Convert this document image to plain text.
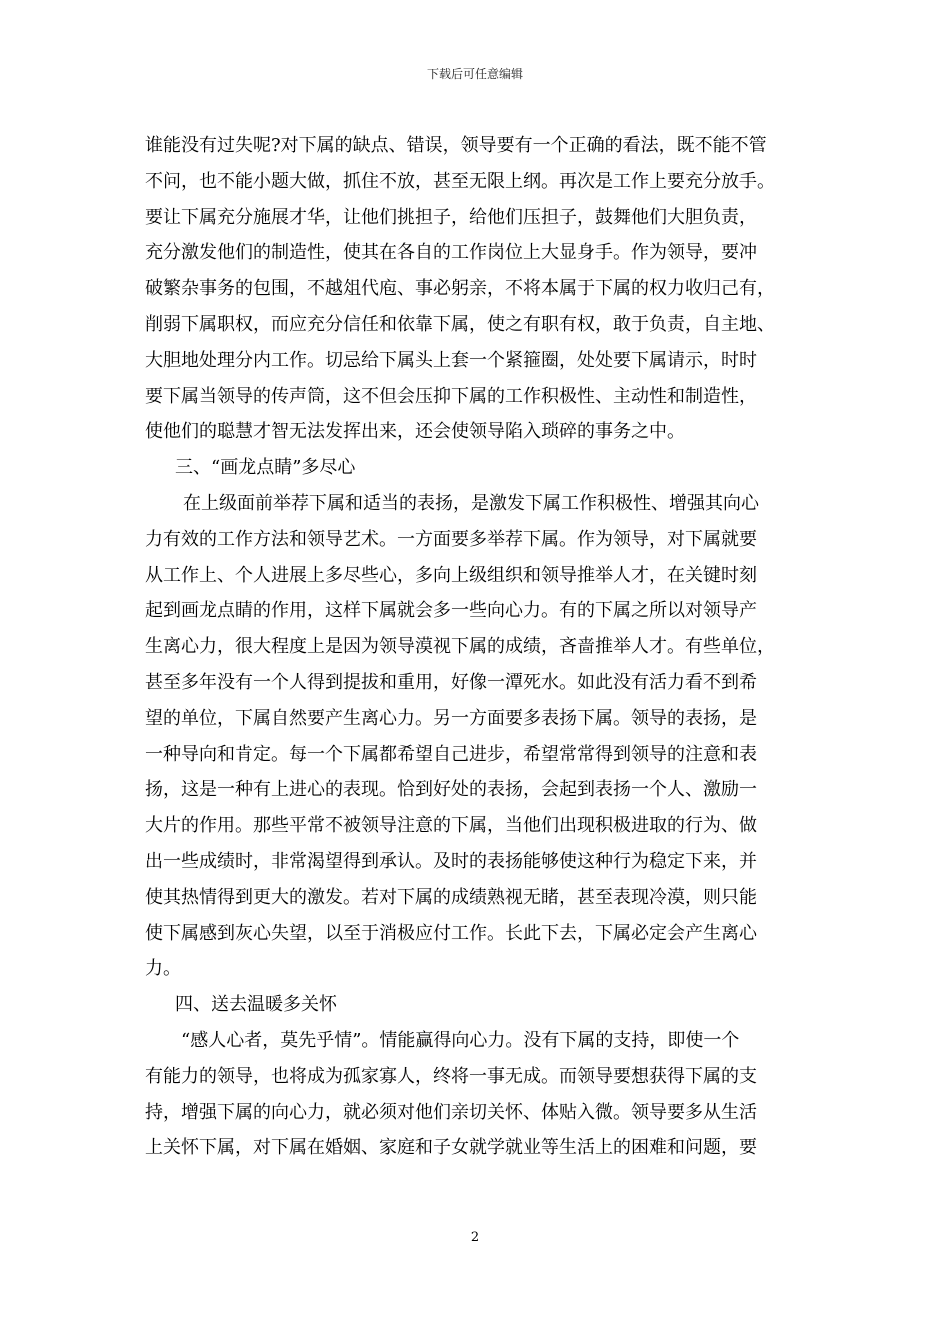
下载后可任意编辑
谁能没有过失呢?对下属的缺点、错误，领导要有一个正确的看法，既不能不管
不问，也不能小题大做，抓住不放，甚至无限上纲。再次是工作上要充分放手。
要让下属充分施展才华，让他们挑担子，给他们压担子，鼓舞他们大胆负责，
充分激发他们的制造性，使其在各自的工作岗位上大显身手。作为领导，要冲
破繁杂事务的包围，不越俎代庖、事必躬亲，不将本属于下属的权力收归己有，
削弱下属职权，而应充分信任和依靠下属，使之有职有权，敢于负责，自主地、
大胆地处理分内工作。切忌给下属头上套一个紧箍圈，处处要下属请示，时时
要下属当领导的传声筒，这不但会压抑下属的工作积极性、主动性和制造性，
使他们的聪慧才智无法发挥出来，还会使领导陷入琐碎的事务之中。
三、“画龙点睛”多尽心
在上级面前举荐下属和适当的表扬，是激发下属工作积极性、增强其向心
力有效的工作方法和领导艺术。一方面要多举荐下属。作为领导，对下属就要
从工作上、个人进展上多尽些心，多向上级组织和领导推举人才，在关键时刻
起到画龙点睛的作用，这样下属就会多一些向心力。有的下属之所以对领导产
生离心力，很大程度上是因为领导漠视下属的成绩，吝啬推举人才。有些单位，
甚至多年没有一个人得到提拔和重用，好像一潭死水。如此没有活力看不到希
望的单位，下属自然要产生离心力。另一方面要多表扬下属。领导的表扬，是
一种导向和肯定。每一个下属都希望自己进步，希望常常得到领导的注意和表
扬，这是一种有上进心的表现。恰到好处的表扬，会起到表扬一个人、激励一
大片的作用。那些平常不被领导注意的下属，当他们出现积极进取的行为、做
出一些成绩时，非常渴望得到承认。及时的表扬能够使这种行为稳定下来，并
使其热情得到更大的激发。若对下属的成绩熟视无睹，甚至表现冷漠，则只能
使下属感到灰心失望，以至于消极应付工作。长此下去，下属必定会产生离心
力。
四、送去温暖多关怀
“感人心者，莫先乎情”。情能赢得向心力。没有下属的支持，即使一个
有能力的领导，也将成为孤家寡人，终将一事无成。而领导要想获得下属的支
持，增强下属的向心力，就必须对他们亲切关怀、体贴入微。领导要多从生活
上关怀下属，对下属在婚姻、家庭和子女就学就业等生活上的困难和问题，要
2
